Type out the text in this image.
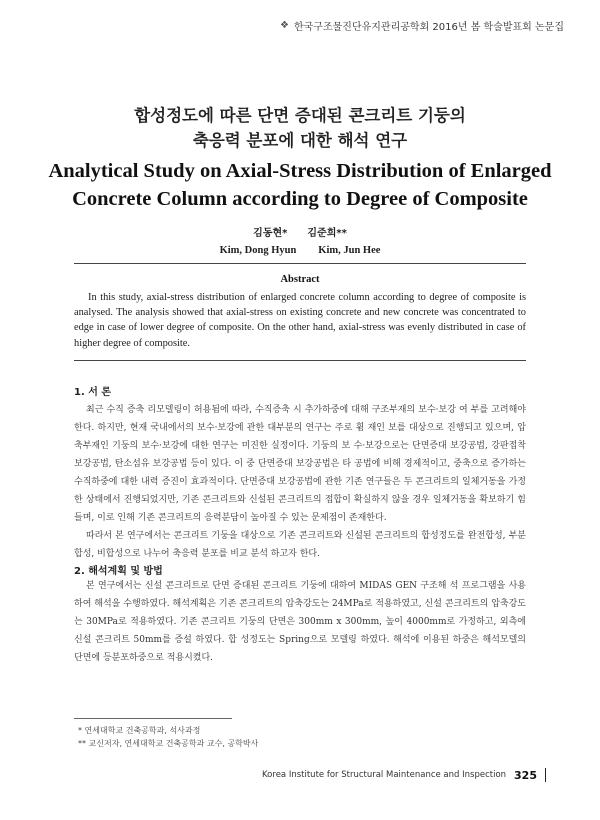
❖ 한국구조물진단유지관리공학회 2016년 봄 학술발표회 논문집
합성정도에 따른 단면 증대된 콘크리트 기둥의
축응력 분포에 대한 해석 연구
Analytical Study on Axial-Stress Distribution of Enlarged
Concrete Column according to Degree of Composite
김동현* 김준희**
Kim, Dong Hyun Kim, Jun Hee
Abstract
In this study, axial-stress distribution of enlarged concrete column according to degree of composite is analysed. The analysis showed that axial-stress on existing concrete and new concrete was concentrated to edge in case of lower degree of composite. On the other hand, axial-stress was evenly distributed in case of higher degree of composite.
1. 서 론

최근 수직 증축 리모델링이 허용됨에 따라, 수직증축 시 추가하중에 대해 구조부재의 보수·보강 여 부를 고려해야 한다. 하지만, 현재 국내에서의 보수·보강에 관한 대부분의 연구는 주로 휨 재인 보를 대상으로 진행되고 있으며, 압축부재인 기둥의 보수·보강에 대한 연구는 미진한 실정이다. 기둥의 보 수·보강으로는 단면증대 보강공법, 강판접착 보강공법, 탄소섬유 보강공법 등이 있다. 이 중 단면증대 보강공법은 타 공법에 비해 경제적이고, 중축으로 증가하는 수직하중에 대한 내력 증진이 효과적이다. 단면증대 보강공법에 관한 기존 연구들은 두 콘크리트의 일체거동을 가정한 상태에서 진행되었지만, 기존 콘크리트와 신설된 콘크리트의 접합이 확실하지 않을 경우 일체거동을 확보하기 힘들며, 이로 인해 기존 콘크리트의 응력분담이 높아질 수 있는 문제점이 존재한다.

따라서 본 연구에서는 콘크리트 기둥을 대상으로 기존 콘크리트와 신설된 콘크리트의 합성정도를 완전합성, 부분합성, 비합성으로 나누어 축응력 분포를 비교 분석 하고자 한다.

2. 해석계획 및 방법

본 연구에서는 신설 콘크리트로 단면 증대된 콘크리트 기둥에 대하여 MIDAS GEN 구조해 석 프로그램을 사용하여 해석을 수행하였다. 해석계획은 기존 콘크리트의 압축강도는 24MPa로 적용하였고, 신설 콘크리트의 압축강도는 30MPa로 적용하였다. 기존 콘크리트 기둥의 단면은 300mm x 300mm, 높이 4000mm로 가정하고, 외측에 신설 콘크리트 50mm를 증설 하였다. 합 성정도는 Spring으로 모델링 하였다. 해석에 이용된 하중은 해석모델의 단면에 등분포하중으로 적용시켰다.

* 연세대학교 건축공학과, 석사과정
** 교신저자, 연세대학교 건축공학과 교수, 공학박사
Korea Institute for Structural Maintenance and Inspection 325
